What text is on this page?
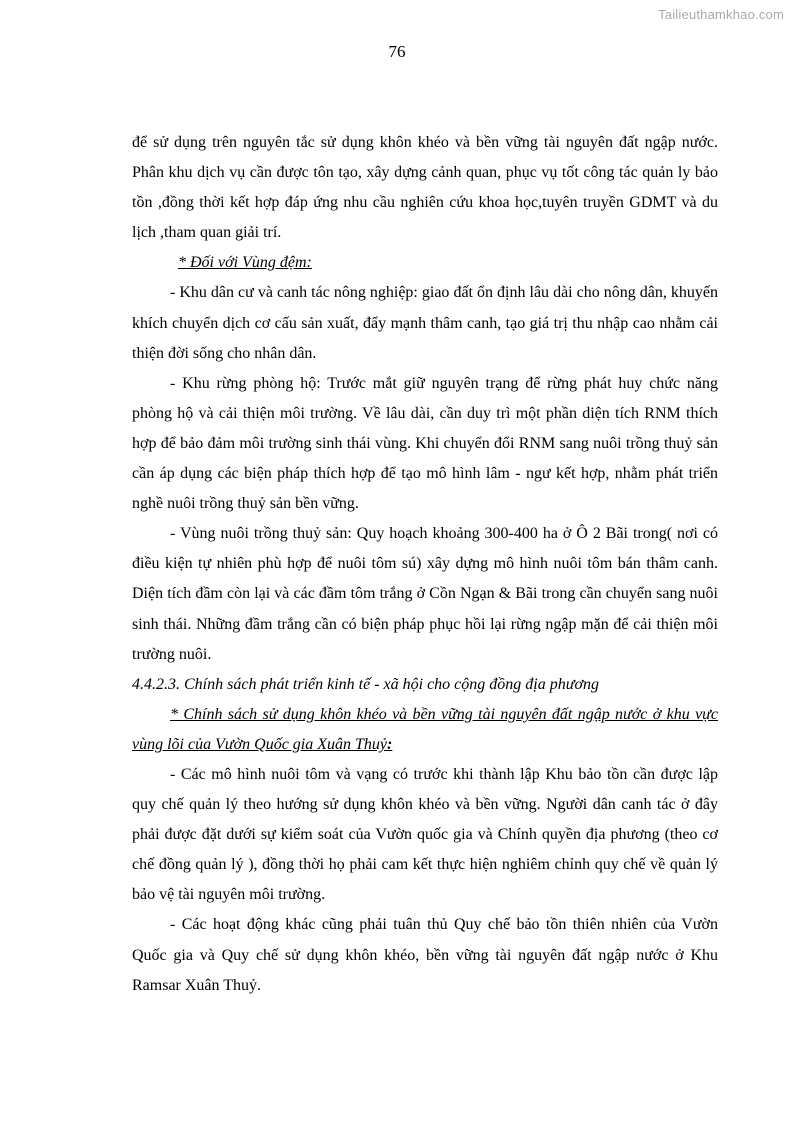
Tailieuthamkhao.com
76

để sử dụng trên nguyên tắc sử dụng khôn khéo và bền vững tài nguyên đất ngập nước. Phân khu dịch vụ cần được tôn tạo, xây dựng cảnh quan, phục vụ tốt công tác quản ly bảo tồn ,đồng thời kết hợp đáp ứng nhu cầu nghiên cứu khoa học,tuyên truyền GDMT và du lịch ,tham quan giải trí.

* Đối với Vùng đệm:

- Khu dân cư và canh tác nông nghiệp: giao đất ổn định lâu dài cho nông dân, khuyến khích chuyển dịch cơ cấu sản xuất, đẩy mạnh thâm canh, tạo giá trị thu nhập cao nhằm cải thiện đời sống cho nhân dân.

- Khu rừng phòng hộ: Trước mắt giữ nguyên trạng để rừng phát huy chức năng phòng hộ và cải thiện môi trường. Về lâu dài, cần duy trì một phần diện tích RNM thích hợp để bảo đảm môi trường sinh thái vùng. Khi chuyển đổi RNM sang nuôi trồng thuỷ sản cần áp dụng các biện pháp thích hợp để tạo mô hình lâm - ngư kết hợp, nhằm phát triển nghề nuôi trồng thuỷ sản bền vững.

- Vùng nuôi trồng thuỷ sản: Quy hoạch khoảng 300-400 ha ở Ô 2 Bãi trong( nơi có điều kiện tự nhiên phù hợp để nuôi tôm sú) xây dựng mô hình nuôi tôm bán thâm canh. Diện tích đầm còn lại và các đầm tôm trắng ở Cồn Ngạn & Bãi trong cần chuyển sang nuôi sinh thái. Những đầm trắng cần có biện pháp phục hồi lại rừng ngập mặn để cải thiện môi trường nuôi.

4.4.2.3. Chính sách phát triển kinh tế - xã hội cho cộng đồng địa phương

* Chính sách sử dụng khôn khéo và bền vững tài nguyên đất ngập nước ở khu vực vùng lõi của Vườn Quốc gia Xuân Thuỷ:

- Các mô hình nuôi tôm và vạng có trước khi thành lập Khu bảo tồn cần được lập quy chế quản lý theo hướng sử dụng khôn khéo và bền vững. Người dân canh tác ở đây phải được đặt dưới sự kiểm soát của Vườn quốc gia và Chính quyền địa phương (theo cơ chế đồng quản lý ), đồng thời họ phải cam kết thực hiện nghiêm chỉnh quy chế về quản lý bảo vệ tài nguyên môi trường.

- Các hoạt động khác cũng phải tuân thủ Quy chế bảo tồn thiên nhiên của Vườn Quốc gia và Quy chế sử dụng khôn khéo, bền vững tài nguyên đất ngập nước ở Khu Ramsar Xuân Thuỷ.
